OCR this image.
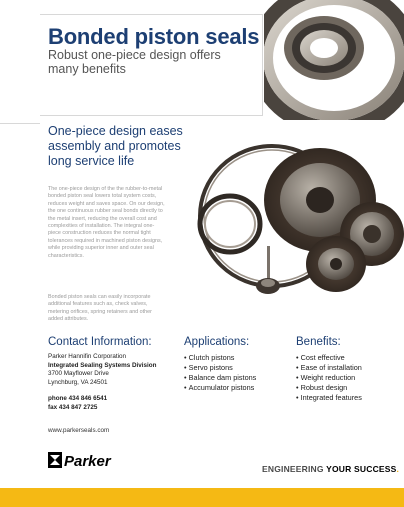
Bonded piston seals

Robust one-piece design offers many benefits

One-piece design eases assembly and promotes long service life

The one-piece design of the the rubber-to-metal bonded piston seal lowers total system costs, reduces weight and saves space. On our design, the one continuous rubber seal bonds directly to the metal insert, reducing the overall cost and complexities of installation. The integral one-piece construction reduces the normal tight tolerances required in machined piston designs, while providing superior inner and outer seal characteristics.

Bonded piston seals can easily incorporate additional features such as, check valves, metering orifices, spring retainers and other added attributes.

Contact Information:
Parker Hannifin Corporation
Integrated Sealing Systems Division
3700 Mayflower Drive
Lynchburg, VA 24501
phone 434 846 6541
fax 434 847 2725
Applications:
• Clutch pistons
• Servo pistons
• Balance dam pistons
• Accumulator pistons
Benefits:
• Cost effective
• Ease of installation
• Weight reduction
• Robust design
• Integrated features
www.parkerseals.com
Parker	ENGINEERING YOUR SUCCESS.
